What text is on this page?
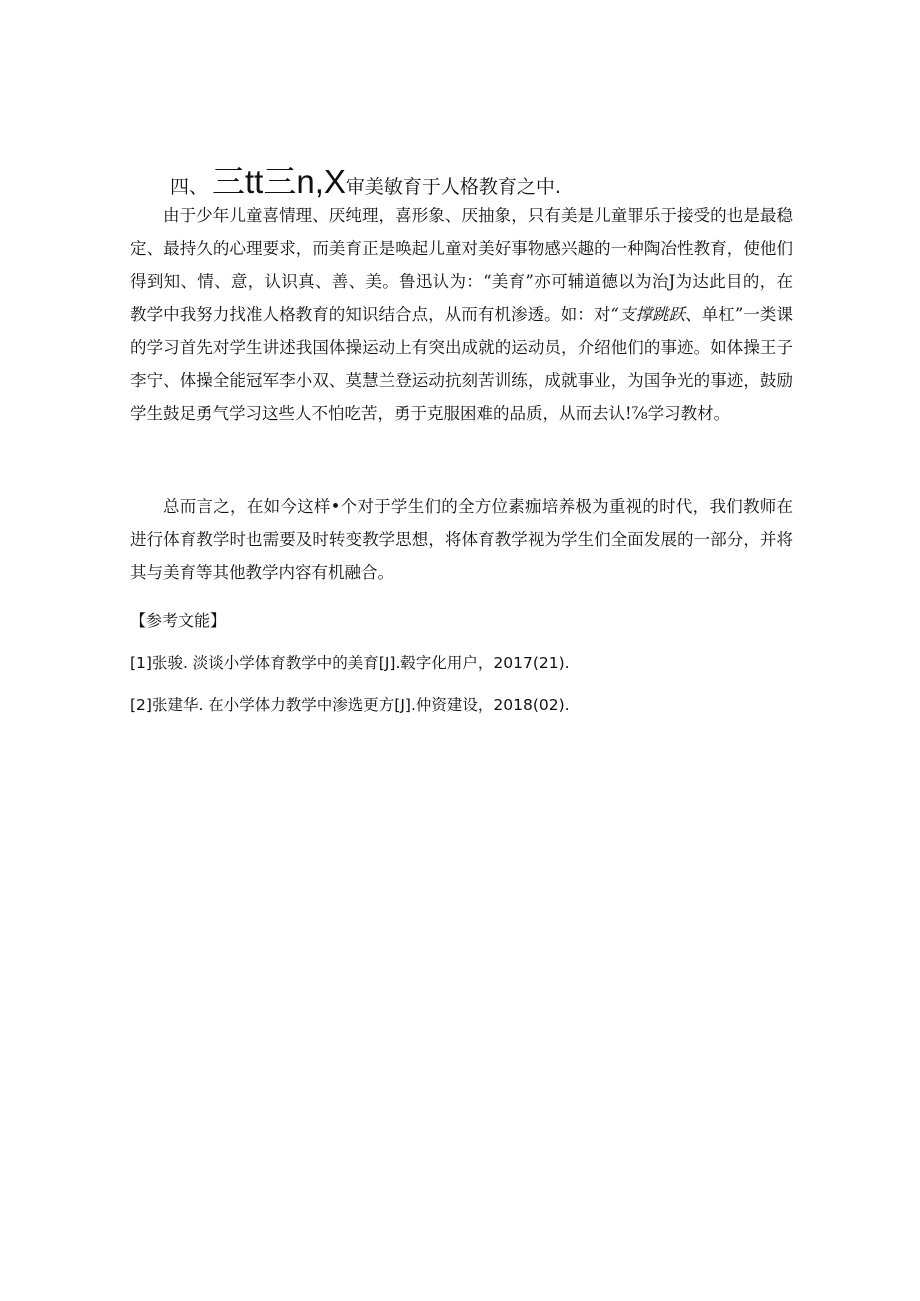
四、 三tt三n,X 审美敏育于人格教育之中.

由于少年儿童喜情理、厌纯理，喜形象、厌抽象，只有美是儿童罪乐于接受的也是最稳定、最持久的心理要求，而美育正是唤起儿童对美好事物感兴趣的一种陶冶性教育，使他们得到知、情、意，认识真、善、美。鲁迅认为：“美育”亦可辅道德以为治J为达此目的，在教学中我努力找准人格教育的知识结合点，从而有机渗透。如：对“支撑跳跃、单杠”一类课的学习首先对学生讲述我国体操运动上有突出成就的运动员，介绍他们的事迹。如体操王子李宁、体操全能冠军李小双、莫慧兰登运动抗刻苦训练，成就事业，为国争光的事迹，鼓励学生鼓足勇气学习这些人不怕吃苦，勇于克服困难的品质，从而去认!⅞学习教材。

总而言之，在如今这样•个对于学生们的全方位素痂培养极为重视的时代，我们教师在进行体育教学时也需要及时转变教学思想，将体育教学视为学生们全面发展的一部分，并将其与美育等其他教学内容有机融合。

【参考文能】

[1]张骏. 淡谈小学体育教学中的美育[J].毂字化用户，2017(21).

[2]张建华. 在小学体力教学中渗选更方[J].仲资建设，2018(02).
